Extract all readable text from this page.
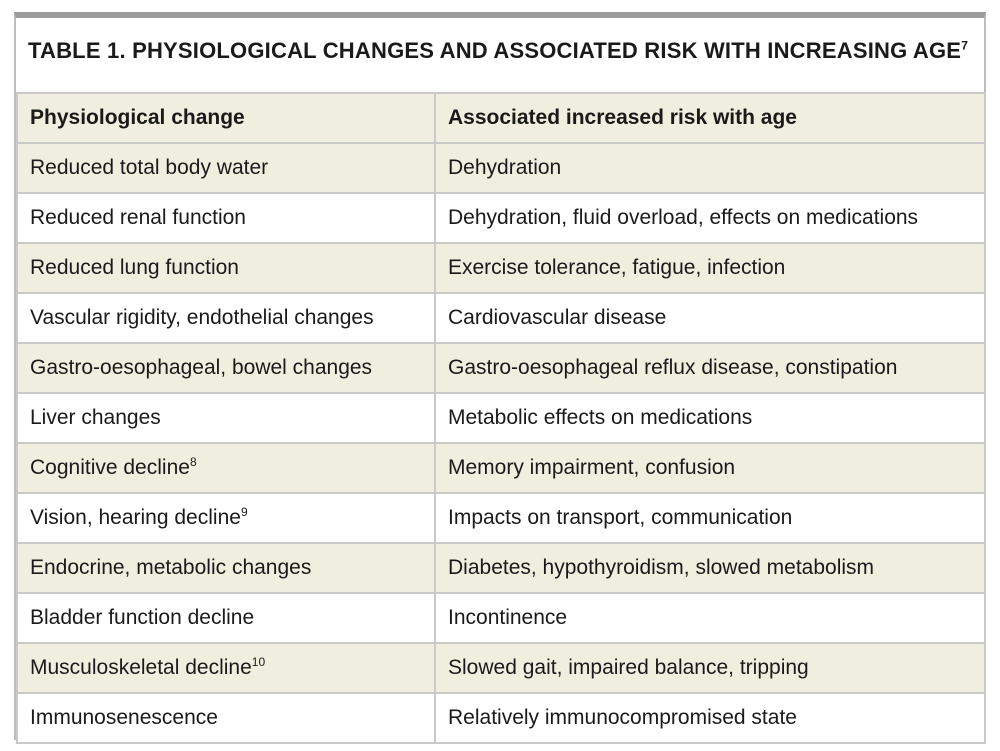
TABLE 1. PHYSIOLOGICAL CHANGES AND ASSOCIATED RISK WITH INCREASING AGE$^7$
Physiological change	Associated increased risk with age
Reduced total body water	Dehydration
Reduced renal function	Dehydration, fluid overload, effects on medications
Reduced lung function	Exercise tolerance, fatigue, infection
Vascular rigidity, endothelial changes	Cardiovascular disease
Gastro-oesophageal, bowel changes	Gastro-oesophageal reflux disease, constipation
Liver changes	Metabolic effects on medications
Cognitive decline$^8$	Memory impairment, confusion
Vision, hearing decline$^9$	Impacts on transport, communication
Endocrine, metabolic changes	Diabetes, hypothyroidism, slowed metabolism
Bladder function decline	Incontinence
Musculoskeletal decline$^{10}$	Slowed gait, impaired balance, tripping
Immunosenescence	Relatively immunocompromised state
